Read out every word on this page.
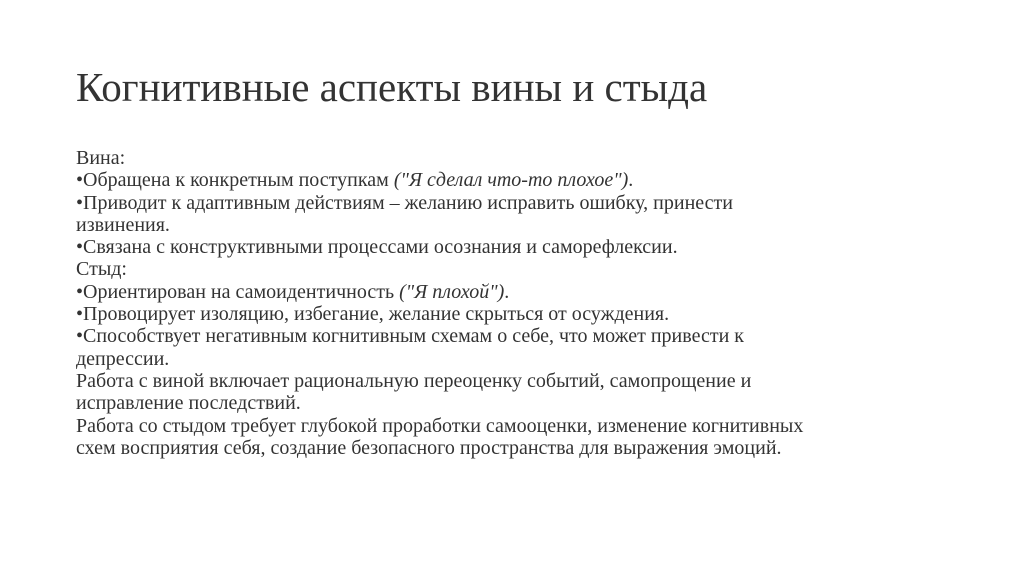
Когнитивные аспекты вины и стыда
Вина:
•Обращена к конкретным поступкам ("Я сделал что-то плохое").
•Приводит к адаптивным действиям – желанию исправить ошибку, принести
извинения.
•Связана с конструктивными процессами осознания и саморефлексии.
Стыд:
•Ориентирован на самоидентичность ("Я плохой").
•Провоцирует изоляцию, избегание, желание скрыться от осуждения.
•Способствует негативным когнитивным схемам о себе, что может привести к
депрессии.
Работа с виной включает рациональную переоценку событий, самопрощение и
исправление последствий.
Работа со стыдом требует глубокой проработки самооценки, изменение когнитивных
схем восприятия себя, создание безопасного пространства для выражения эмоций.
